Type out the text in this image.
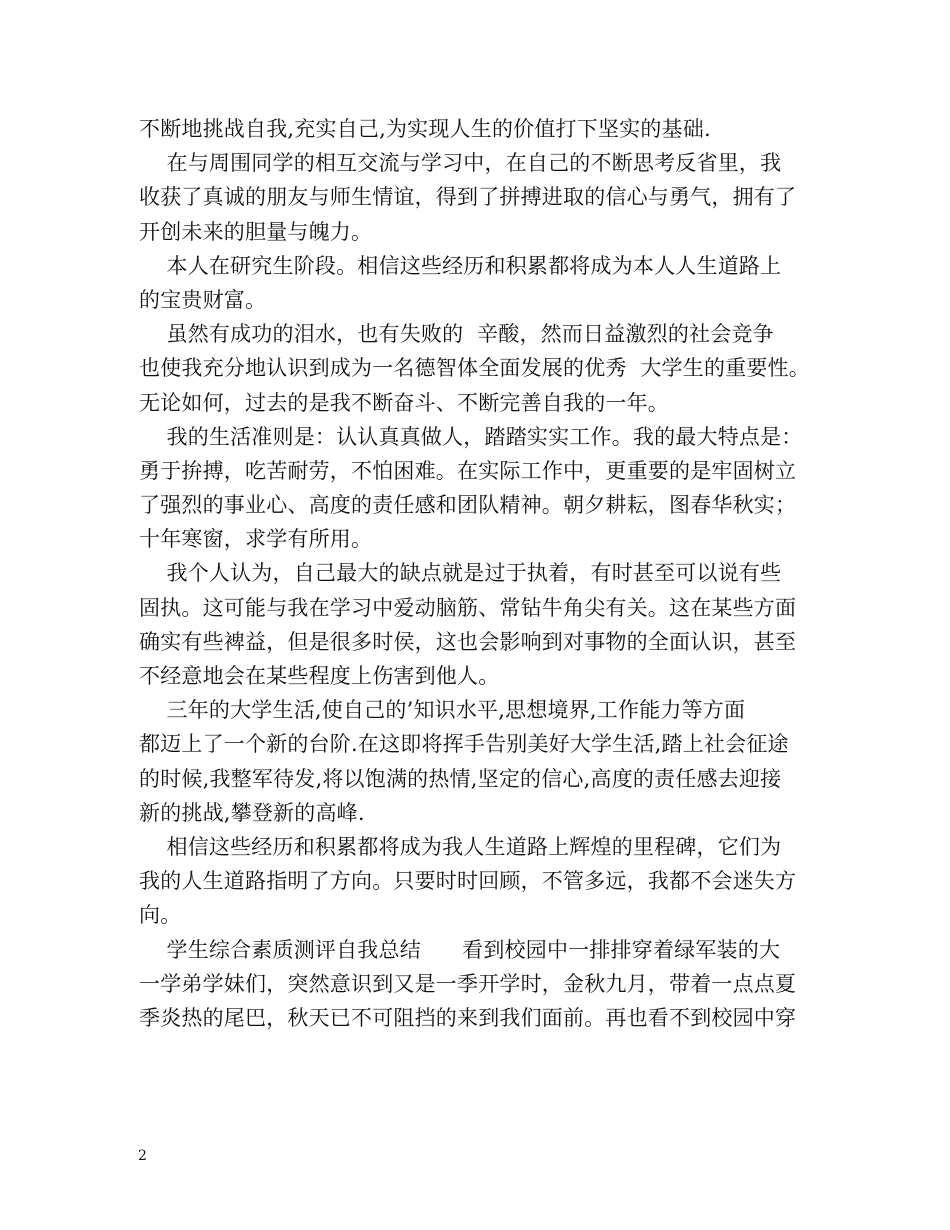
不断地挑战自我,充实自己,为实现人生的价值打下坚实的基础.
在与周围同学的相互交流与学习中，在自己的不断思考反省里，我
收获了真诚的朋友与师生情谊，得到了拼搏进取的信心与勇气，拥有了
开创未来的胆量与魄力。
本人在研究生阶段。相信这些经历和积累都将成为本人人生道路上
的宝贵财富。
虽然有成功的泪水，也有失败的  辛酸，然而日益激烈的社会竞争
也使我充分地认识到成为一名德智体全面发展的优秀  大学生的重要性。
无论如何，过去的是我不断奋斗、不断完善自我的一年。
我的生活准则是：认认真真做人，踏踏实实工作。我的最大特点是：
勇于拚搏，吃苦耐劳，不怕困难。在实际工作中，更重要的是牢固树立
了强烈的事业心、高度的责任感和团队精神。朝夕耕耘，图春华秋实；
十年寒窗，求学有所用。
我个人认为，自己最大的缺点就是过于执着，有时甚至可以说有些
固执。这可能与我在学习中爱动脑筋、常钻牛角尖有关。这在某些方面
确实有些裨益，但是很多时侯，这也会影响到对事物的全面认识，甚至
不经意地会在某些程度上伤害到他人。
三年的大学生活,使自己的’知识水平,思想境界,工作能力等方面
都迈上了一个新的台阶.在这即将挥手告别美好大学生活,踏上社会征途
的时候,我整军待发,将以饱满的热情,坚定的信心,高度的责任感去迎接
新的挑战,攀登新的高峰.
相信这些经历和积累都将成为我人生道路上辉煌的里程碑，它们为
我的人生道路指明了方向。只要时时回顾，不管多远，我都不会迷失方
向。
学生综合素质测评自我总结      看到校园中一排排穿着绿军装的大
一学弟学妹们，突然意识到又是一季开学时，金秋九月，带着一点点夏
季炎热的尾巴，秋天已不可阻挡的来到我们面前。再也看不到校园中穿
2
